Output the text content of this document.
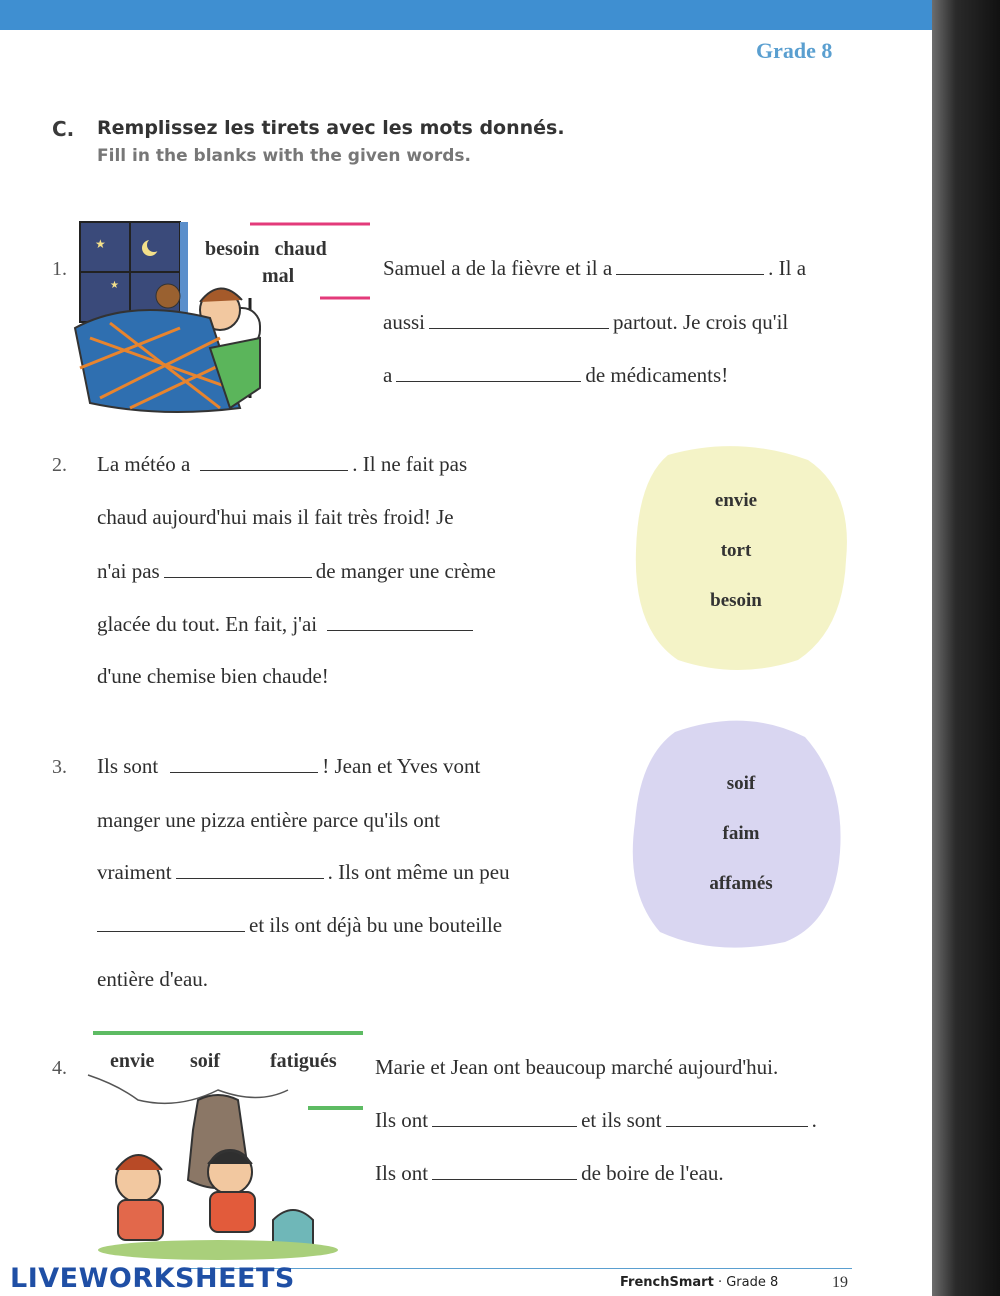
Grade 8
C. Remplissez les tirets avec les mots donnés.
Fill in the blanks with the given words.
1.
★
★
besoin   chaud
mal	Samuel a de la fièvre et il a	. Il a
aussi	partout. Je crois qu'il
a	de médicaments!
2. La météo a	. Il ne fait pas
chaud aujourd'hui mais il fait très froid! Je
n'ai pas	de manger une crème
glacée du tout. En fait, j'ai
d'une chemise bien chaude!
envie
tort
besoin
3. Ils sont	! Jean et Yves vont
manger une pizza entière parce qu'ils ont
vraiment	. Ils ont même un peu
et ils ont déjà bu une bouteille
entière d'eau.
soif
faim
affamés
4. envie soif	fatigués Marie et Jean ont beaucoup marché aujourd'hui.
Ils ont	et ils sont	.
Ils ont	de boire de l'eau.
FrenchSmart · Grade 8	19
LIVEWORKSHEETS
